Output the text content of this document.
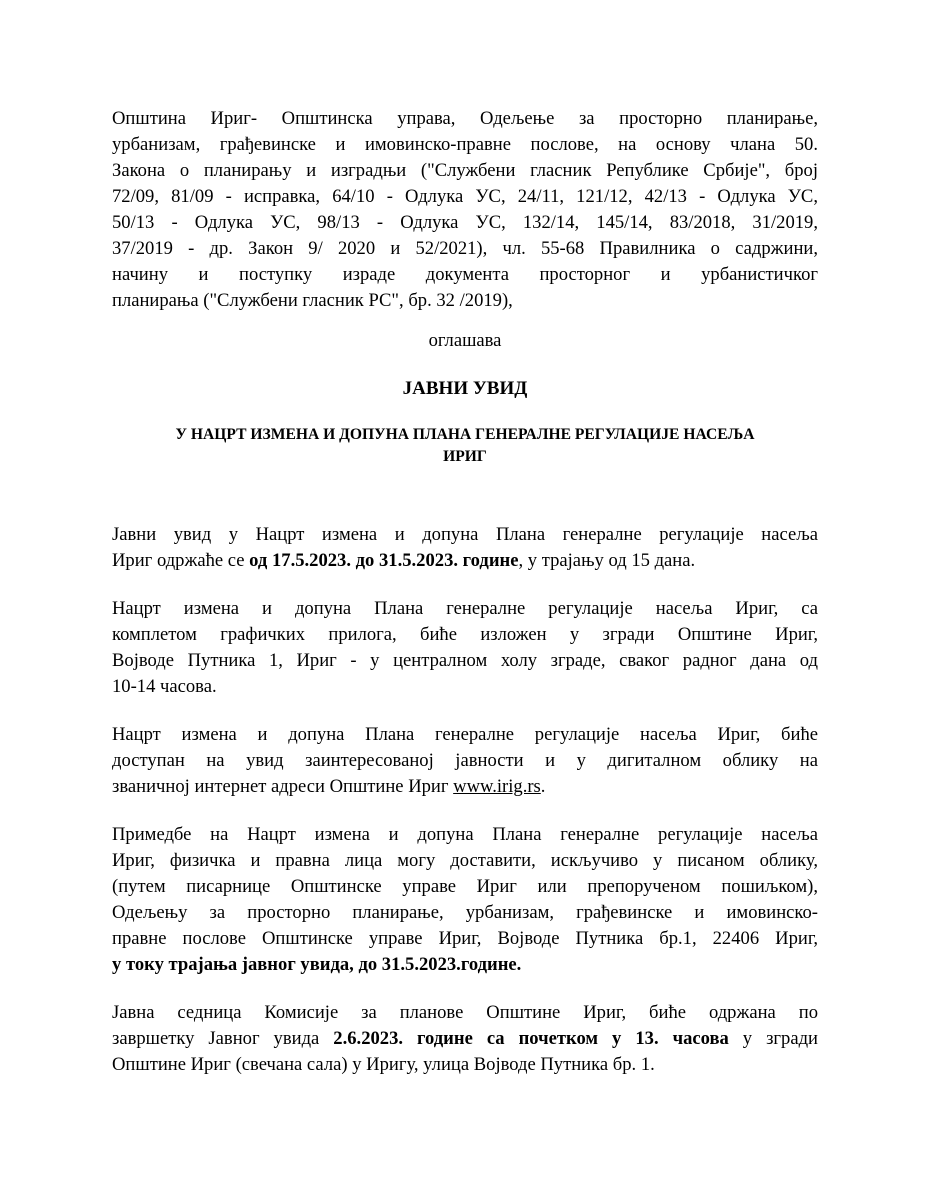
Општина Ириг- Општинска управа, Одељење за просторно планирање,
урбанизам, грађевинске и имовинско-правне послове, на основу члана 50.
Закона о планирању и изградњи ("Службени гласник Републике Србије", број
72/09, 81/09 - исправка, 64/10 - Одлука УС, 24/11, 121/12, 42/13 - Одлука УС,
50/13 - Одлука УС, 98/13 - Одлука УС, 132/14, 145/14, 83/2018, 31/2019,
37/2019 - др. Закон 9/ 2020 и 52/2021), чл. 55-68 Правилника о садржини,
начину и поступку израде документа просторног и урбанистичког
планирања ("Службени гласник РС", бр. 32 /2019),

оглашава

ЈАВНИ УВИД

У НАЦРТ ИЗМЕНА И ДОПУНА ПЛАНА ГЕНЕРАЛНЕ РЕГУЛАЦИЈЕ НАСЕЉА
ИРИГ

Јавни увид у Нацрт измена и допуна Плана генералне регулације насеља
Ириг одржаће се од 17.5.2023. до 31.5.2023. године, у трајању од 15 дана.

Нацрт измена и допуна Плана генералне регулације насеља Ириг, са
комплетом графичких прилога, биће изложен у згради Општине Ириг,
Војводе Путника 1, Ириг - у централном холу зграде, сваког радног дана од
10-14 часова.

Нацрт измена и допуна Плана генералне регулације насеља Ириг, биће
доступан на увид заинтересованој јавности и у дигиталном облику на
званичној интернет адреси Општине Ириг www.irig.rs.

Примедбе на Нацрт измена и допуна Плана генералне регулације насеља
Ириг, физичка и правна лица могу доставити, искључиво у писаном облику,
(путем писарнице Општинске управе Ириг или препорученом пошиљком),
Одељењу за просторно планирање, урбанизам, грађевинске и имовинско-
правне послове Општинске управе Ириг, Војводе Путника бр.1, 22406 Ириг,
у току трајања јавног увида, до 31.5.2023.године.

Јавна седница Комисије за планове Општине Ириг, биће одржана по
завршетку Јавног увида 2.6.2023. године са почетком у 13. часова у згради
Општине Ириг (свечана сала) у Иригу, улица Војводе Путника бр. 1.
